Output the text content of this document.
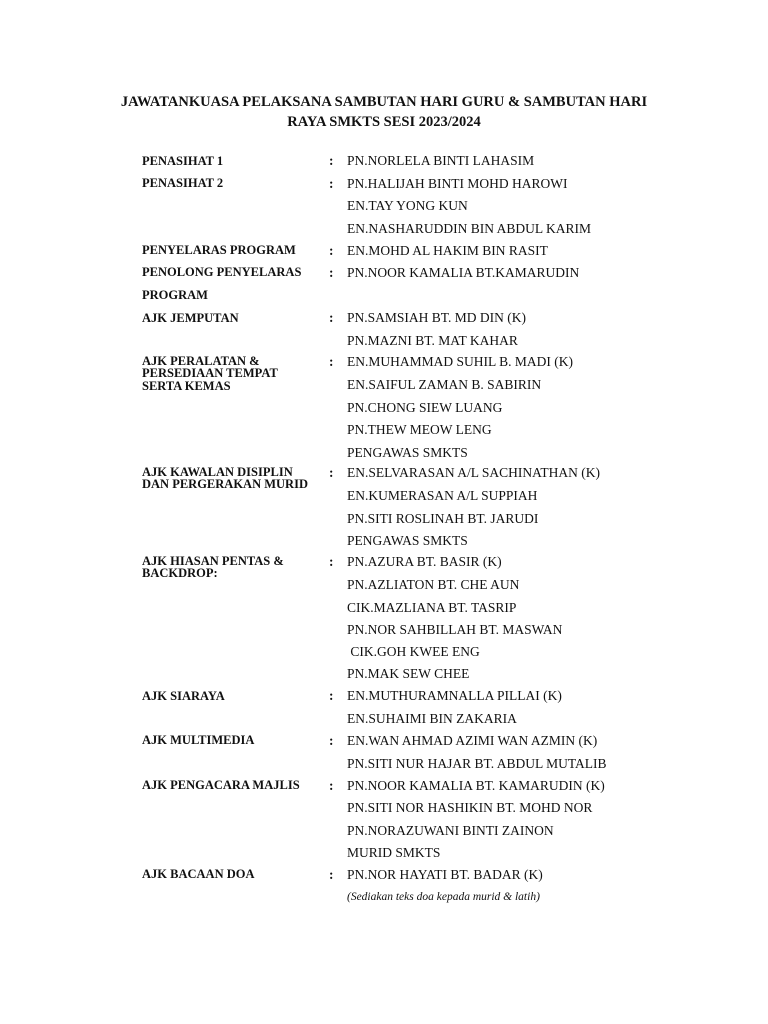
JAWATANKUASA PELAKSANA SAMBUTAN HARI GURU & SAMBUTAN HARI
RAYA SMKTS SESI 2023/2024
PENASIHAT 1	: PN.NORLELA BINTI LAHASIM
PENASIHAT 2	: PN.HALIJAH BINTI MOHD HAROWI
EN.TAY YONG KUN
EN.NASHARUDDIN BIN ABDUL KARIM
PENYELARAS PROGRAM : EN.MOHD AL HAKIM BIN RASIT
PENOLONG PENYELARAS
PROGRAM
: PN.NOOR KAMALIA BT.KAMARUDIN
AJK JEMPUTAN	: PN.SAMSIAH BT. MD DIN (K)
PN.MAZNI BT. MAT KAHAR
AJK PERALATAN &
PERSEDIAAN TEMPAT
SERTA KEMAS
: EN.MUHAMMAD SUHIL B. MADI (K)
EN.SAIFUL ZAMAN B. SABIRIN
PN.CHONG SIEW LUANG
PN.THEW MEOW LENG
PENGAWAS SMKTS
AJK KAWALAN DISIPLIN
DAN PERGERAKAN MURID
: EN.SELVARASAN A/L SACHINATHAN (K)
EN.KUMERASAN A/L SUPPIAH
PN.SITI ROSLINAH BT. JARUDI
PENGAWAS SMKTS
AJK HIASAN PENTAS &
BACKDROP:
: PN.AZURA BT. BASIR (K)
PN.AZLIATON BT. CHE AUN
CIK.MAZLIANA BT. TASRIP
PN.NOR SAHBILLAH BT. MASWAN
CIK.GOH KWEE ENG
PN.MAK SEW CHEE
AJK SIARAYA	: EN.MUTHURAMNALLA PILLAI (K)
EN.SUHAIMI BIN ZAKARIA
AJK MULTIMEDIA	: EN.WAN AHMAD AZIMI WAN AZMIN (K)
PN.SITI NUR HAJAR BT. ABDUL MUTALIB
AJK PENGACARA MAJLIS : PN.NOOR KAMALIA BT. KAMARUDIN (K)
PN.SITI NOR HASHIKIN BT. MOHD NOR
PN.NORAZUWANI BINTI ZAINON
MURID SMKTS
AJK BACAAN DOA	: PN.NOR HAYATI BT. BADAR (K)
(Sediakan teks doa kepada murid & latih)
